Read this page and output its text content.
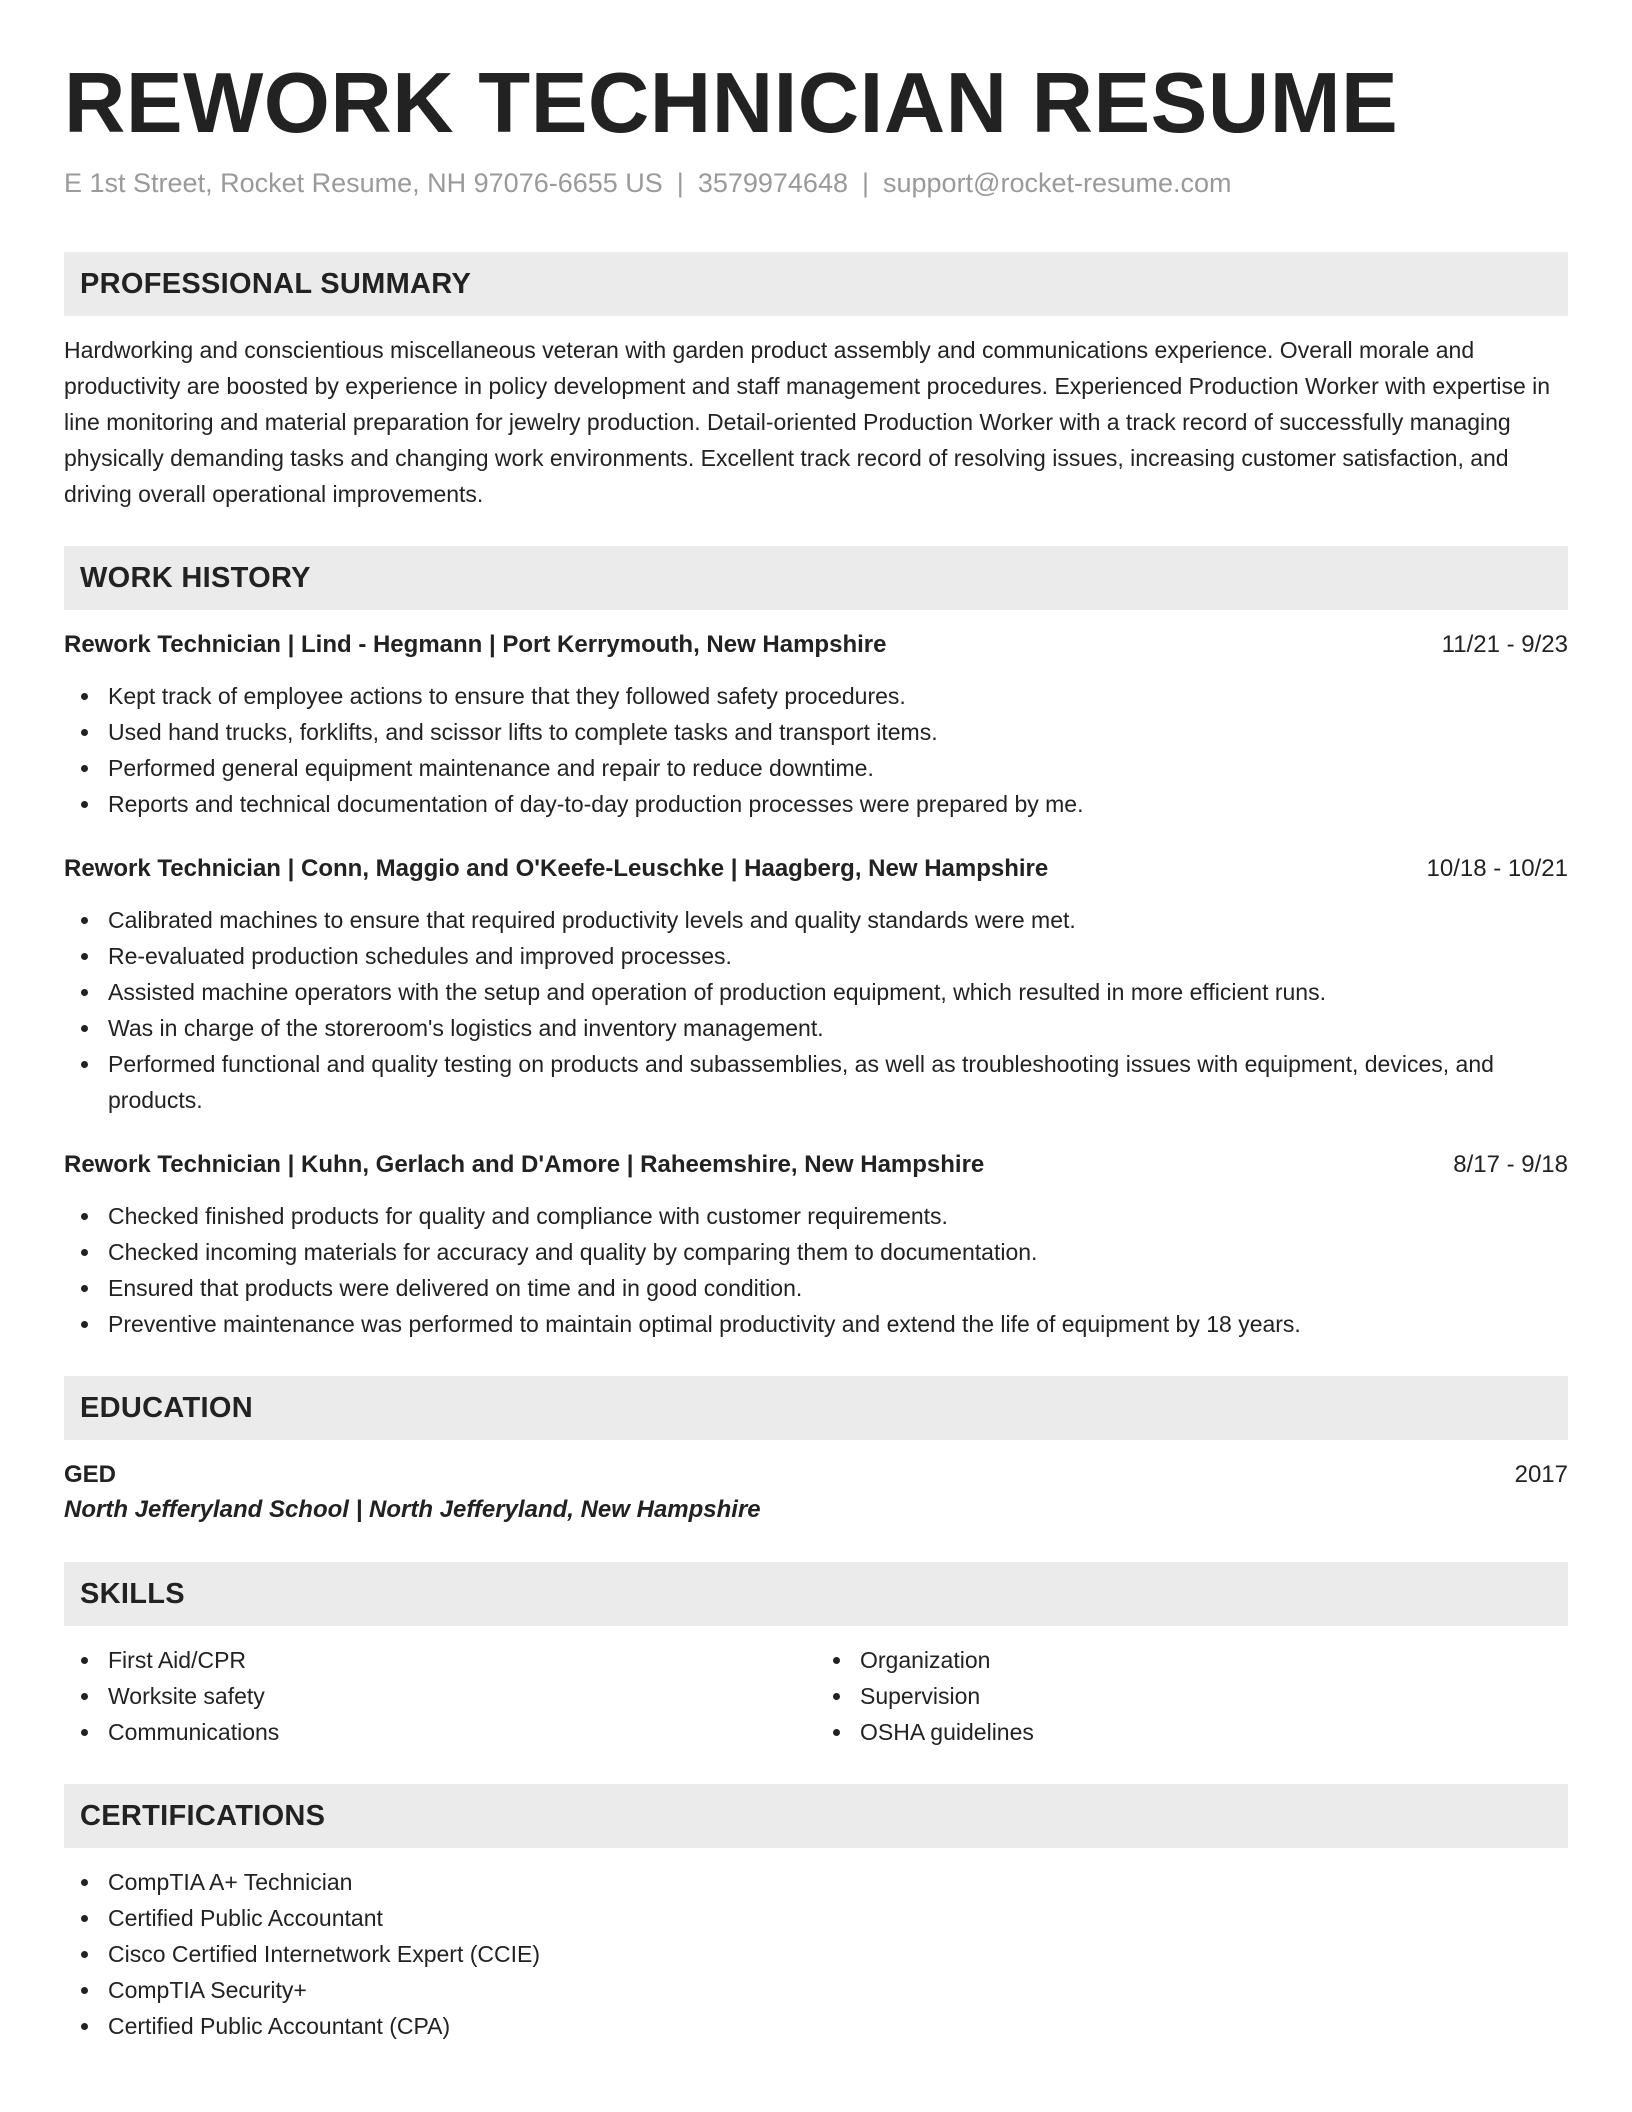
REWORK TECHNICIAN RESUME
E 1st Street, Rocket Resume, NH 97076-6655 US | 3579974648 | support@rocket-resume.com
PROFESSIONAL SUMMARY

Hardworking and conscientious miscellaneous veteran with garden product assembly and communications experience. Overall morale and productivity are boosted by experience in policy development and staff management procedures. Experienced Production Worker with expertise in line monitoring and material preparation for jewelry production. Detail-oriented Production Worker with a track record of successfully managing physically demanding tasks and changing work environments. Excellent track record of resolving issues, increasing customer satisfaction, and driving overall operational improvements.

WORK HISTORY
Rework Technician | Lind - Hegmann | Port Kerrymouth, New Hampshire	11/21 - 9/23
Kept track of employee actions to ensure that they followed safety procedures.
Used hand trucks, forklifts, and scissor lifts to complete tasks and transport items.
Performed general equipment maintenance and repair to reduce downtime.
Reports and technical documentation of day-to-day production processes were prepared by me.
Rework Technician | Conn, Maggio and O'Keefe-Leuschke | Haagberg, New Hampshire	10/18 - 10/21
Calibrated machines to ensure that required productivity levels and quality standards were met.
Re-evaluated production schedules and improved processes.
Assisted machine operators with the setup and operation of production equipment, which resulted in more efficient runs.
Was in charge of the storeroom's logistics and inventory management.
Performed functional and quality testing on products and subassemblies, as well as troubleshooting issues with equipment, devices, and products.
Rework Technician | Kuhn, Gerlach and D'Amore | Raheemshire, New Hampshire	8/17 - 9/18
Checked finished products for quality and compliance with customer requirements.
Checked incoming materials for accuracy and quality by comparing them to documentation.
Ensured that products were delivered on time and in good condition.
Preventive maintenance was performed to maintain optimal productivity and extend the life of equipment by 18 years.
EDUCATION
GED	2017
North Jefferyland School | North Jefferyland, New Hampshire
SKILLS
First Aid/CPR
Worksite safety
Communications
Organization
Supervision
OSHA guidelines
CERTIFICATIONS
CompTIA A+ Technician
Certified Public Accountant
Cisco Certified Internetwork Expert (CCIE)
CompTIA Security+
Certified Public Accountant (CPA)
